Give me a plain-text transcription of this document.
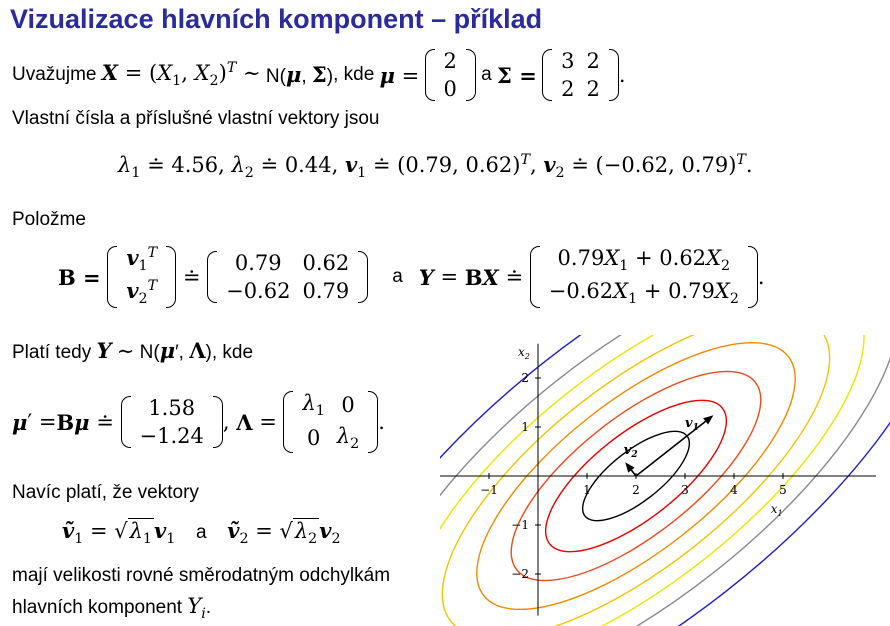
Vizualizace hlavních komponent – příklad
Uvažujme
$X = (X_1$, $X_2)^T$ ∼
N(μ, Σ) , kde
μ =

2
0

a
Σ =

3	2
2	2
.
Vlastní čísla a příslušné vlastní vektory jsou
$\lambda_1$ ≐ 4.56, $\lambda_2$ ≐ 0.44, $v_1$ ≐ (0.79, 0.62)$^T$, $v_2$ ≐ (−0.62, 0.79)$^T$.
Položme
B =

$v_1^T$
$v_2^T$ ≐
0.79	0.62
−0.62	0.79
a Y = B X ≐
$0.79X_1 + 0.62X_2$
$-0.62X_1 + 0.79X_2$
.
Platí tedy Y ∼ N(μ′, Λ), kde
μ ′ = B μ ≐
1.58
−1.24
, Λ =
$\lambda_1$	0
0	$\lambda_2$
.
Navíc platí, že vektory
ṽ$_1$ = $√\lambda_1v_1$ a ṽ$_2$ = $√\lambda_2v_2$
mají velikosti rovné směrodatným odchylkám
hlavních komponent $Y_i$.
−1	1	2	3	4	5
2
1
−1
−2
$x_1$
$x_2$
$v_1$
$v_2$
